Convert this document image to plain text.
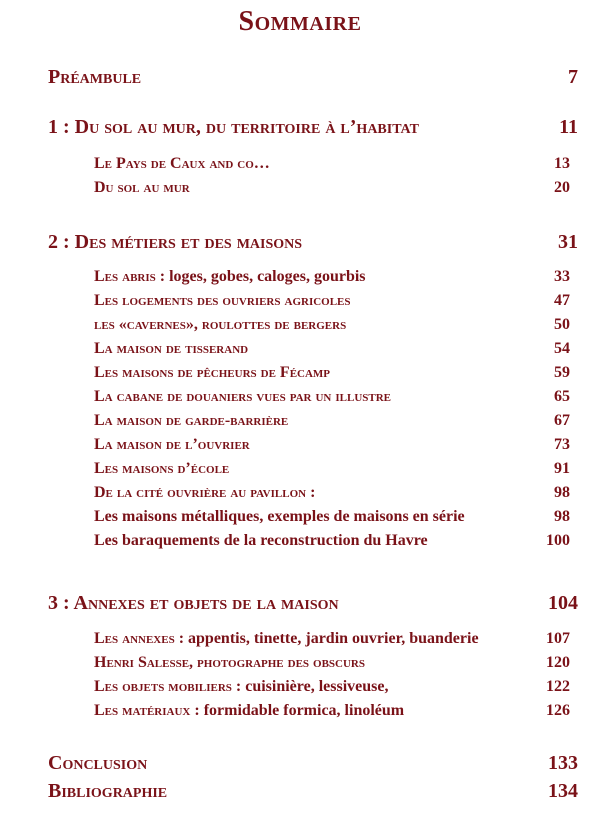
Sommaire
Préambule	7
1 : Du sol au mur, du territoire à l’habitat	11
Le Pays de Caux and co…	13
Du sol au mur	20
2 : Des métiers et des maisons	31
Les abris : loges, gobes, caloges, gourbis	33
Les logements des ouvriers agricoles	47
les «cavernes», roulottes de bergers	50
La maison de tisserand	54
Les maisons de pêcheurs de Fécamp	59
La cabane de douaniers vues par un illustre	65
La maison de garde-barrière	67
La maison de l’ouvrier	73
Les maisons d’école	91
De la cité ouvrière au pavillon :	98
Les maisons métalliques, exemples de maisons en série	98
Les baraquements de la reconstruction du Havre	100
3 : Annexes et objets de la maison	104
Les annexes : appentis, tinette, jardin ouvrier, buanderie	107
Henri Salesse, photographe des obscurs	120
Les objets mobiliers : cuisinière, lessiveuse,	122
Les matériaux : formidable formica, linoléum	126
Conclusion	133
Bibliographie	134
